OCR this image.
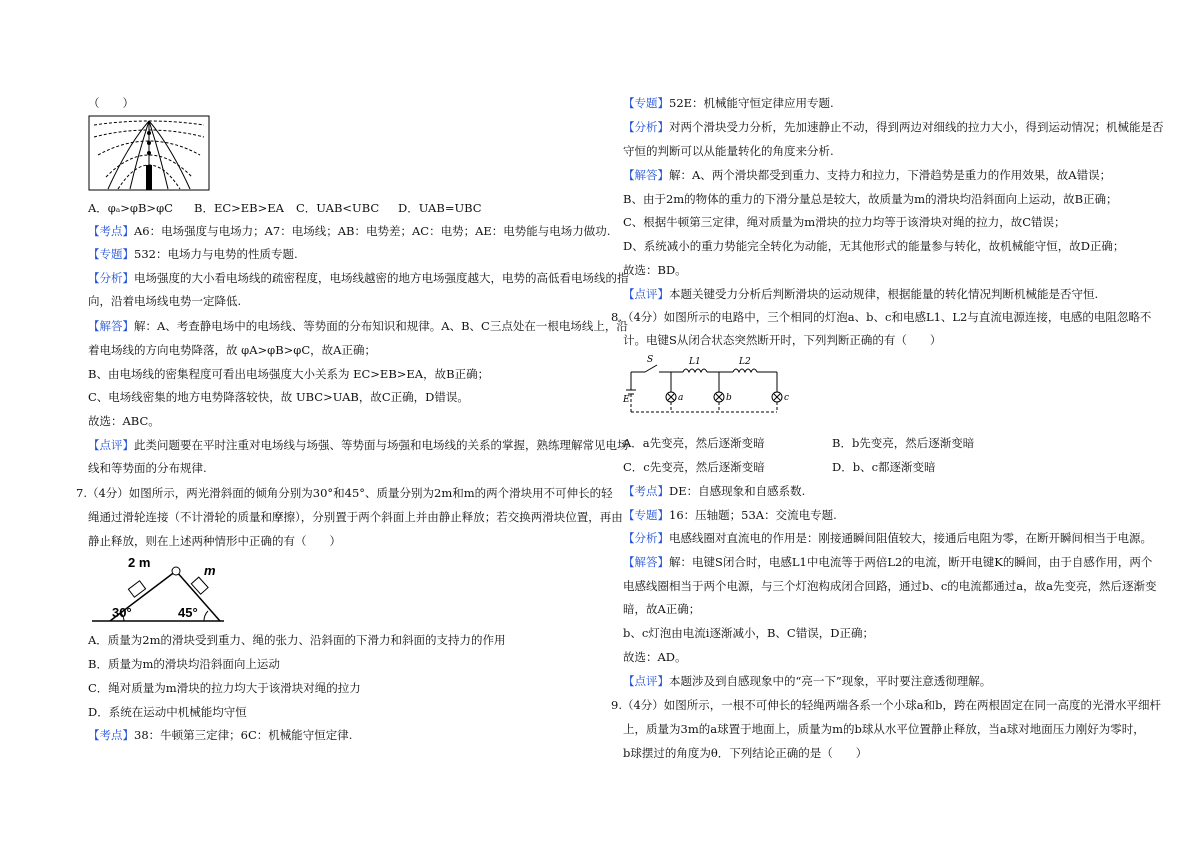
（　　）
A．φₐ>φB>φC B．EC>EB>EA C．UAB<UBC D．UAB=UBC
【考点】A6：电场强度与电场力；A7：电场线；AB：电势差；AC：电势；AE：电势能与电场力做功.
【专题】532：电场力与电势的性质专题.
【分析】电场强度的大小看电场线的疏密程度，电场线越密的地方电场强度越大，电势的高低看电场线的指
向，沿着电场线电势一定降低.
【解答】解：A、考查静电场中的电场线、等势面的分布知识和规律。A、B、C三点处在一根电场线上，沿
着电场线的方向电势降落，故 φA>φB>φC，故A正确；
B、由电场线的密集程度可看出电场强度大小关系为 EC>EB>EA，故B正确；
C、电场线密集的地方电势降落较快，故 UBC>UAB，故C正确，D错误。
故选：ABC。
【点评】此类问题要在平时注重对电场线与场强、等势面与场强和电场线的关系的掌握，熟练理解常见电场
线和等势面的分布规律.
7.（4分）如图所示，两光滑斜面的倾角分别为30°和45°、质量分别为2m和m的两个滑块用不可伸长的轻
绳通过滑轮连接（不计滑轮的质量和摩擦），分别置于两个斜面上并由静止释放；若交换两滑块位置，再由
静止释放，则在上述两种情形中正确的有（　　）
2 m
m
30°	45°
A．质量为2m的滑块受到重力、绳的张力、沿斜面的下滑力和斜面的支持力的作用
B．质量为m的滑块均沿斜面向上运动
C．绳对质量为m滑块的拉力均大于该滑块对绳的拉力
D．系统在运动中机械能均守恒
【考点】38：牛顿第三定律；6C：机械能守恒定律.
【专题】52E：机械能守恒定律应用专题.
【分析】对两个滑块受力分析，先加速静止不动，得到两边对细线的拉力大小，得到运动情况；机械能是否
守恒的判断可以从能量转化的角度来分析.
【解答】解：A、两个滑块都受到重力、支持力和拉力，下滑趋势是重力的作用效果，故A错误；
B、由于2m的物体的重力的下滑分量总是较大，故质量为m的滑块均沿斜面向上运动，故B正确；
C、根据牛顿第三定律，绳对质量为m滑块的拉力均等于该滑块对绳的拉力，故C错误；
D、系统减小的重力势能完全转化为动能，无其他形式的能量参与转化，故机械能守恒，故D正确；
故选：BD。
【点评】本题关键受力分析后判断滑块的运动规律，根据能量的转化情况判断机械能是否守恒.
8.（4分）如图所示的电路中，三个相同的灯泡a、b、c和电感L1、L2与直流电源连接，电感的电阻忽略不
计。电键S从闭合状态突然断开时，下列判断正确的有（　　）
S	L1	L2
E	a	b	c
A．a先变亮，然后逐渐变暗	B．b先变亮，然后逐渐变暗
C．c先变亮，然后逐渐变暗	D．b、c都逐渐变暗
【考点】DE：自感现象和自感系数.
【专题】16：压轴题；53A：交流电专题.
【分析】电感线圈对直流电的作用是：刚接通瞬间阻值较大，接通后电阻为零，在断开瞬间相当于电源。
【解答】解：电键S闭合时，电感L1中电流等于两倍L2的电流，断开电键K的瞬间，由于自感作用，两个
电感线圈相当于两个电源，与三个灯泡构成闭合回路，通过b、c的电流都通过a，故a先变亮，然后逐渐变
暗，故A正确；
b、c灯泡由电流i逐渐减小，B、C错误，D正确；
故选：AD。
【点评】本题涉及到自感现象中的“亮一下”现象，平时要注意透彻理解。
9.（4分）如图所示，一根不可伸长的轻绳两端各系一个小球a和b，跨在两根固定在同一高度的光滑水平细杆
上，质量为3m的a球置于地面上，质量为m的b球从水平位置静止释放，当a球对地面压力刚好为零时，
b球摆过的角度为θ．下列结论正确的是（　　）
